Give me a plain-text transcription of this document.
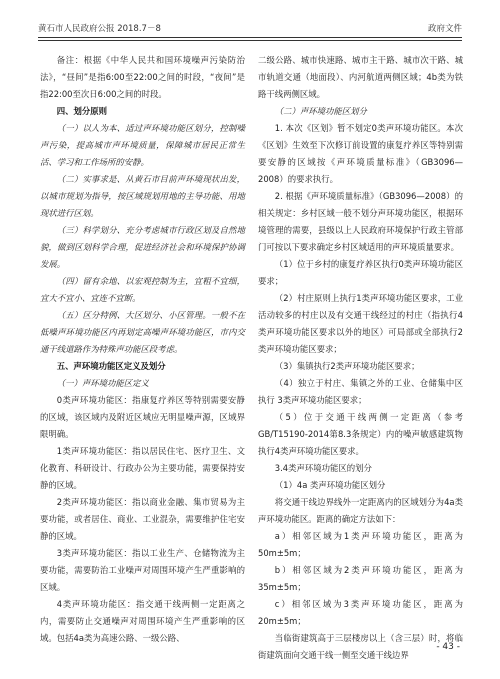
黄石市人民政府公报 2018.7－8	政府文件

备注：根据《中华人民共和国环境噪声污染防治法》，“昼间”是指6:00至22:00之间的时段，“夜间”是指22:00至次日6:00之间的时段。

四、划分原则

（一）以人为本、适过声环境功能区划分，控制噪声污染，提高城市声环境质量，保障城市居民正常生活、学习和工作场所的安静。

（二）实事求是、从黄石市目前声环境现状出发，以城市规划为指导，按区域规划用地的主导功能、用地现状进行区划。

（三）科学划分、充分考虑城市行政区划及自然地貌，做到区划科学合理，促进经济社会和环境保护协调发展。

（四）留有余地、以宏观控制为主，宜粗不宜细，宜大不宜小、宜连不宜断。

（五）区分特例、大区划分、小区管理。一般不在低噪声环境功能区内再划定高噪声环境功能区，市内交通干线道路作为特殊声功能区段考虑。

五、声环境功能区定义及划分

（一）声环境功能区定义

0类声环境功能区：指康复疗养区等特别需要安静的区域，该区域内及附近区域应无明显噪声源，区域界限明确。

1类声环境功能区：指以居民住宅、医疗卫生、文化教育、科研设计、行政办公为主要功能，需要保持安静的区域。

2类声环境功能区：指以商业金融、集市贸易为主要功能，或者居住、商业、工业混杂，需要维护住宅安静的区域。

3类声环境功能区：指以工业生产、仓储物流为主要功能，需要防治工业噪声对周围环境产生严重影响的区域。

4类声环境功能区：指交通干线两侧一定距离之内，需要防止交通噪声对周围环境产生严重影响的区域。包括4a类为高速公路、一级公路、

二级公路、城市快速路、城市主干路、城市次干路、城市轨道交通（地面段）、内河航道两侧区域；4b类为铁路干线两侧区域。

（二）声环境功能区划分

1. 本次《区划》暂不划定0类声环境功能区。本次《区划》生效至下次修订前设置的康复疗养区等特别需要安静的区域按《声环境质量标准》（GB3096—2008）的要求执行。

2. 根据《声环境质量标准》（GB3096—2008）的相关规定：乡村区域一般不划分声环境功能区，根据环境管理的需要，县级以上人民政府环境保护行政主管部门可按以下要求确定乡村区域适用的声环境质量要求。

（1）位于乡村的康复疗养区执行0类声环境功能区要求；

（2）村庄原则上执行1类声环境功能区要求，工业活动较多的村庄以及有交通干线经过的村庄（指执行4类声环境功能区要求以外的地区）可局部或全部执行2类声环境功能区要求；

（3）集镇执行2类声环境功能区要求；

（4）独立于村庄、集镇之外的工业、仓储集中区执行 3类声环境功能区要求；

（5）位于交通干线两侧一定距离（参考GB/T15190-2014第8.3条规定）内的噪声敏感建筑物执行4类声环境功能区要求。

3.4类声环境功能区的划分

（1）4a 类声环境功能区划分

将交通干线边界线外一定距离内的区域划分为4a类声环境功能区。距离的确定方法如下：

a）相邻区域为1类声环境功能区，距离为50m±5m；

b）相邻区域为2类声环境功能区，距离为35m±5m；

c）相邻区域为3类声环境功能区，距离为20m±5m；

当临街建筑高于三层楼房以上（含三层）时，将临街建筑面向交通干线一侧至交通干线边界

- 43 -
